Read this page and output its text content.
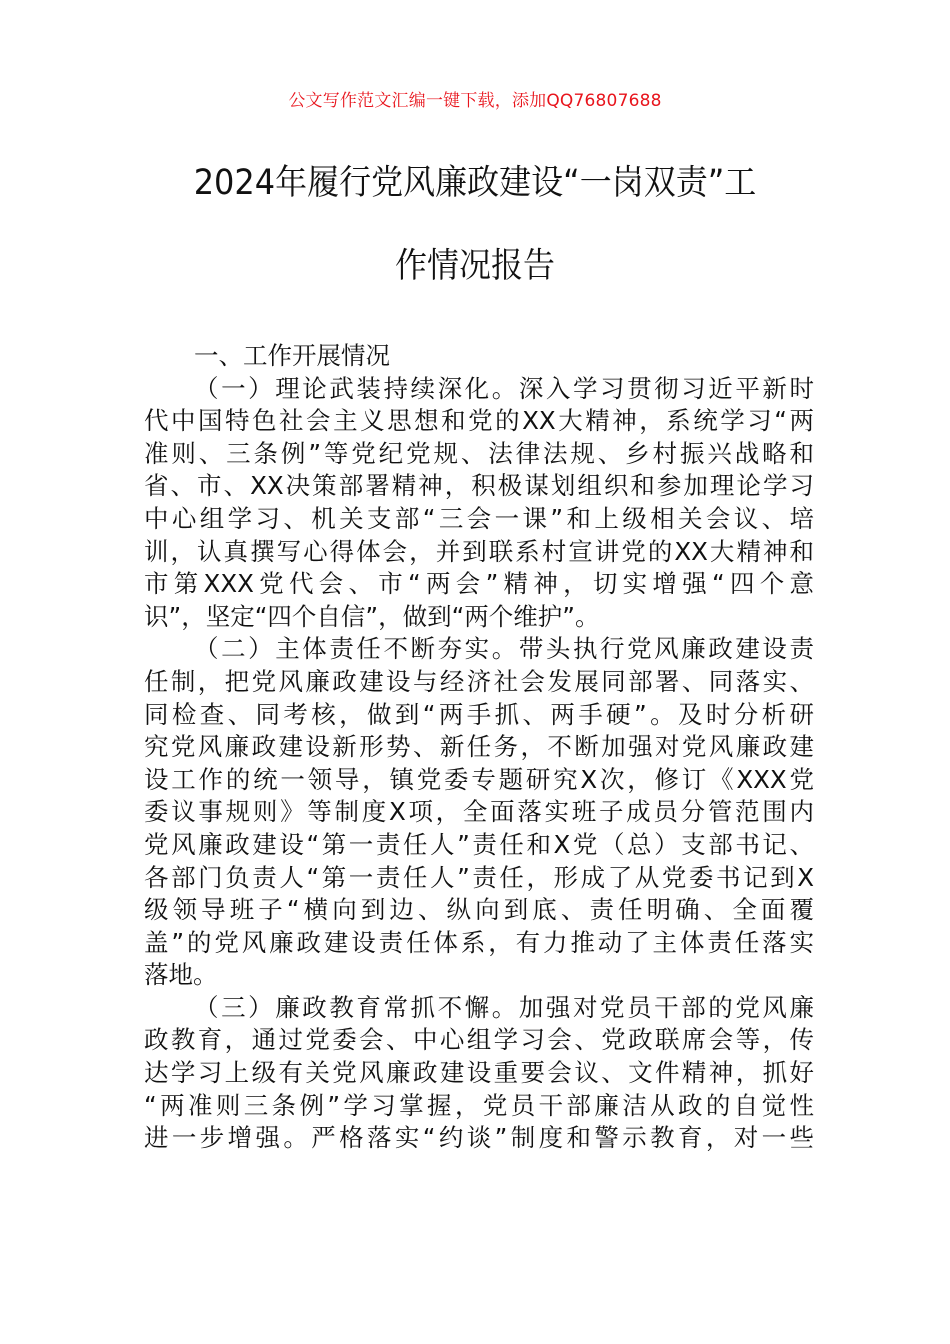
公文写作范文汇编一键下载，添加QQ76807688
2024年履行党风廉政建设“一岗双责”工
作情况报告
一、工作开展情况
（一）理论武装持续深化。深入学习贯彻习近平新时
代中国特色社会主义思想和党的XX大精神，系统学习“两
准则、三条例”等党纪党规、法律法规、乡村振兴战略和
省、市、XX决策部署精神，积极谋划组织和参加理论学习
中心组学习、机关支部“三会一课”和上级相关会议、培
训，认真撰写心得体会，并到联系村宣讲党的XX大精神和
市第XXX党代会、市“两会”精神，切实增强“四个意
识”，坚定“四个自信”，做到“两个维护”。
（二）主体责任不断夯实。带头执行党风廉政建设责
任制，把党风廉政建设与经济社会发展同部署、同落实、
同检查、同考核，做到“两手抓、两手硬”。及时分析研
究党风廉政建设新形势、新任务，不断加强对党风廉政建
设工作的统一领导，镇党委专题研究X次，修订《XXX党
委议事规则》等制度X项，全面落实班子成员分管范围内
党风廉政建设“第一责任人”责任和X党（总）支部书记、
各部门负责人“第一责任人”责任，形成了从党委书记到X
级领导班子“横向到边、纵向到底、责任明确、全面覆
盖”的党风廉政建设责任体系，有力推动了主体责任落实
落地。
（三）廉政教育常抓不懈。加强对党员干部的党风廉
政教育，通过党委会、中心组学习会、党政联席会等，传
达学习上级有关党风廉政建设重要会议、文件精神，抓好
“两准则三条例”学习掌握，党员干部廉洁从政的自觉性
进一步增强。严格落实“约谈”制度和警示教育，对一些
